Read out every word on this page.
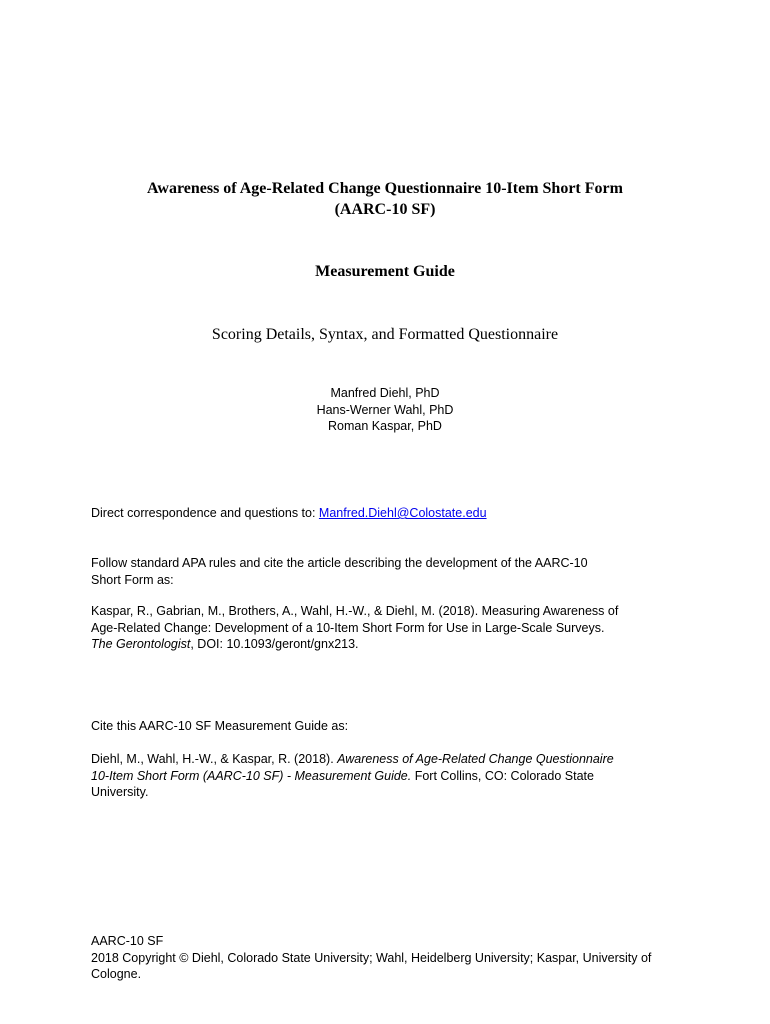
Awareness of Age-Related Change Questionnaire 10-Item Short Form
(AARC-10 SF)
Measurement Guide
Scoring Details, Syntax, and Formatted Questionnaire
Manfred Diehl, PhD
Hans-Werner Wahl, PhD
Roman Kaspar, PhD
Direct correspondence and questions to: Manfred.Diehl@Colostate.edu
Follow standard APA rules and cite the article describing the development of the AARC-10
Short Form as:
Kaspar, R., Gabrian, M., Brothers, A., Wahl, H.-W., & Diehl, M. (2018). Measuring Awareness of
Age-Related Change: Development of a 10-Item Short Form for Use in Large-Scale Surveys.
The Gerontologist, DOI: 10.1093/geront/gnx213.
Cite this AARC-10 SF Measurement Guide as:
Diehl, M., Wahl, H.-W., & Kaspar, R. (2018). Awareness of Age-Related Change Questionnaire
10-Item Short Form (AARC-10 SF) - Measurement Guide. Fort Collins, CO: Colorado State
University.
AARC-10 SF
2018 Copyright © Diehl, Colorado State University; Wahl, Heidelberg University; Kaspar, University of
Cologne.
